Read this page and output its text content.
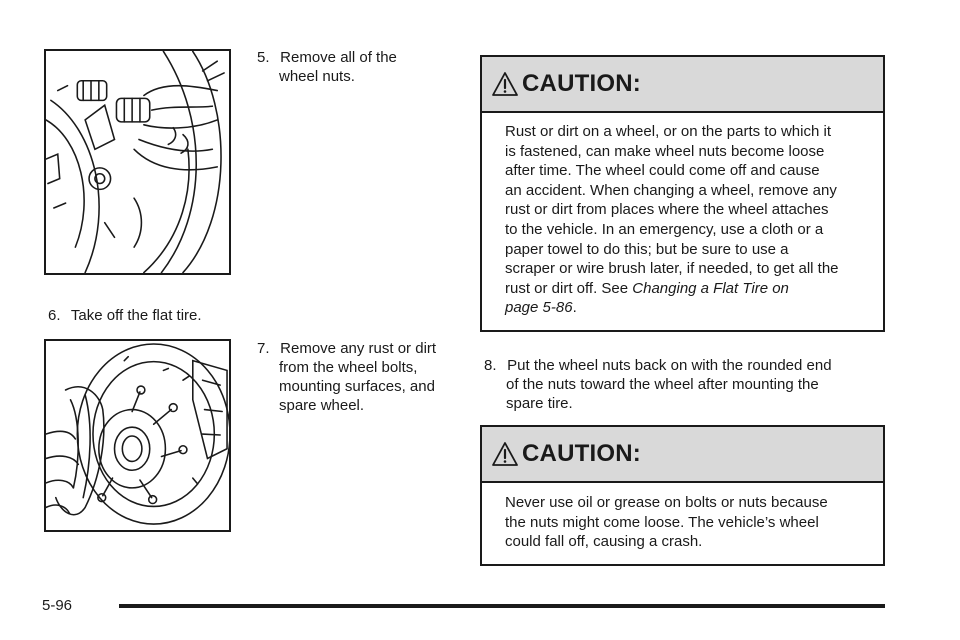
5. Remove all of the
wheel nuts.
6. Take off the flat tire.
7. Remove any rust or dirt
from the wheel bolts,
mounting surfaces, and
spare wheel.
CAUTION:
Rust or dirt on a wheel, or on the parts to which it
is fastened, can make wheel nuts become loose
after time. The wheel could come off and cause
an accident. When changing a wheel, remove any
rust or dirt from places where the wheel attaches
to the vehicle. In an emergency, use a cloth or a
paper towel to do this; but be sure to use a
scraper or wire brush later, if needed, to get all the
rust or dirt off. See Changing a Flat Tire on
page 5-86.
8. Put the wheel nuts back on with the rounded end
of the nuts toward the wheel after mounting the
spare tire.
CAUTION:
Never use oil or grease on bolts or nuts because
the nuts might come loose. The vehicle’s wheel
could fall off, causing a crash.
5-96
